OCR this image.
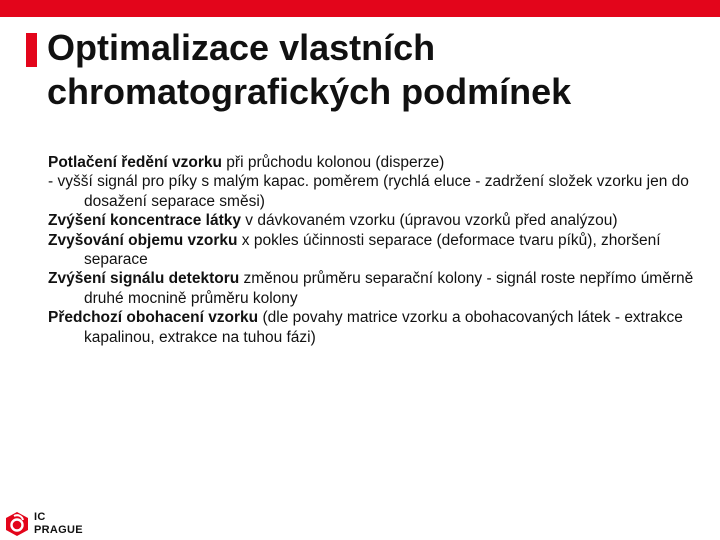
Optimalizace vlastních
chromatografických podmínek

Potlačení ředění vzorku při průchodu kolonou (disperze)

- vyšší signál pro píky s malým kapac. poměrem (rychlá eluce - zadržení složek vzorku jen do dosažení separace směsi)

Zvýšení koncentrace látky v dávkovaném vzorku (úpravou vzorků před analýzou)

Zvyšování objemu vzorku x pokles účinnosti separace (deformace tvaru píků), zhoršení separace

Zvýšení signálu detektoru změnou průměru separační kolony - signál roste nepřímo úměrně druhé mocnině průměru kolony

Předchozí obohacení vzorku (dle povahy matrice vzorku a obohacovaných látek - extrakce kapalinou, extrakce na tuhou fázi)

IC
PRAGUE
